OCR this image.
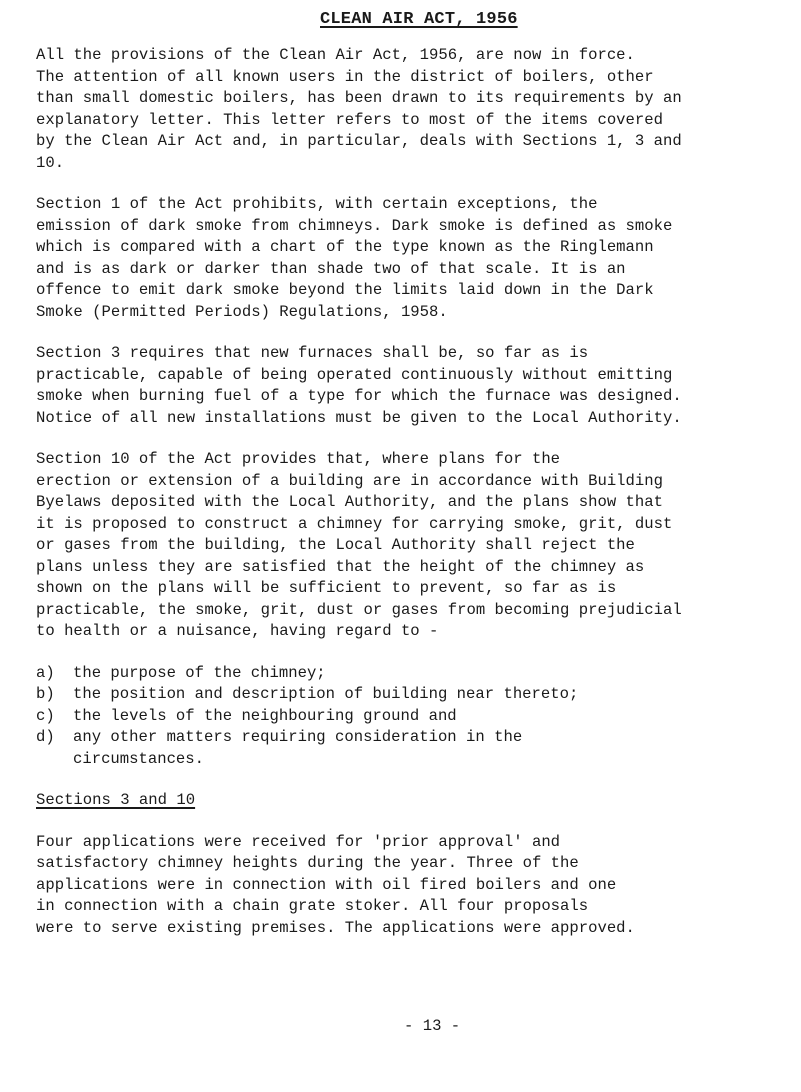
CLEAN AIR ACT, 1956

All the provisions of the Clean Air Act, 1956, are now in force.
The attention of all known users in the district of boilers, other
than small domestic boilers, has been drawn to its requirements by an
explanatory letter. This letter refers to most of the items covered
by the Clean Air Act and, in particular, deals with Sections 1, 3 and
10.

Section 1 of the Act prohibits, with certain exceptions, the
emission of dark smoke from chimneys. Dark smoke is defined as smoke
which is compared with a chart of the type known as the Ringlemann
and is as dark or darker than shade two of that scale. It is an
offence to emit dark smoke beyond the limits laid down in the Dark
Smoke (Permitted Periods) Regulations, 1958.

Section 3 requires that new furnaces shall be, so far as is
practicable, capable of being operated continuously without emitting
smoke when burning fuel of a type for which the furnace was designed.
Notice of all new installations must be given to the Local Authority.

Section 10 of the Act provides that, where plans for the
erection or extension of a building are in accordance with Building
Byelaws deposited with the Local Authority, and the plans show that
it is proposed to construct a chimney for carrying smoke, grit, dust
or gases from the building, the Local Authority shall reject the
plans unless they are satisfied that the height of the chimney as
shown on the plans will be sufficient to prevent, so far as is
practicable, the smoke, grit, dust or gases from becoming prejudicial
to health or a nuisance, having regard to -

a)	the purpose of the chimney;
b)	the position and description of building near thereto;
c)	the levels of the neighbouring ground and
d)	any other matters requiring consideration in the
circumstances.
Sections 3 and 10

Four applications were received for 'prior approval' and
satisfactory chimney heights during the year. Three of the
applications were in connection with oil fired boilers and one
in connection with a chain grate stoker. All four proposals
were to serve existing premises. The applications were approved.

- 13 -
